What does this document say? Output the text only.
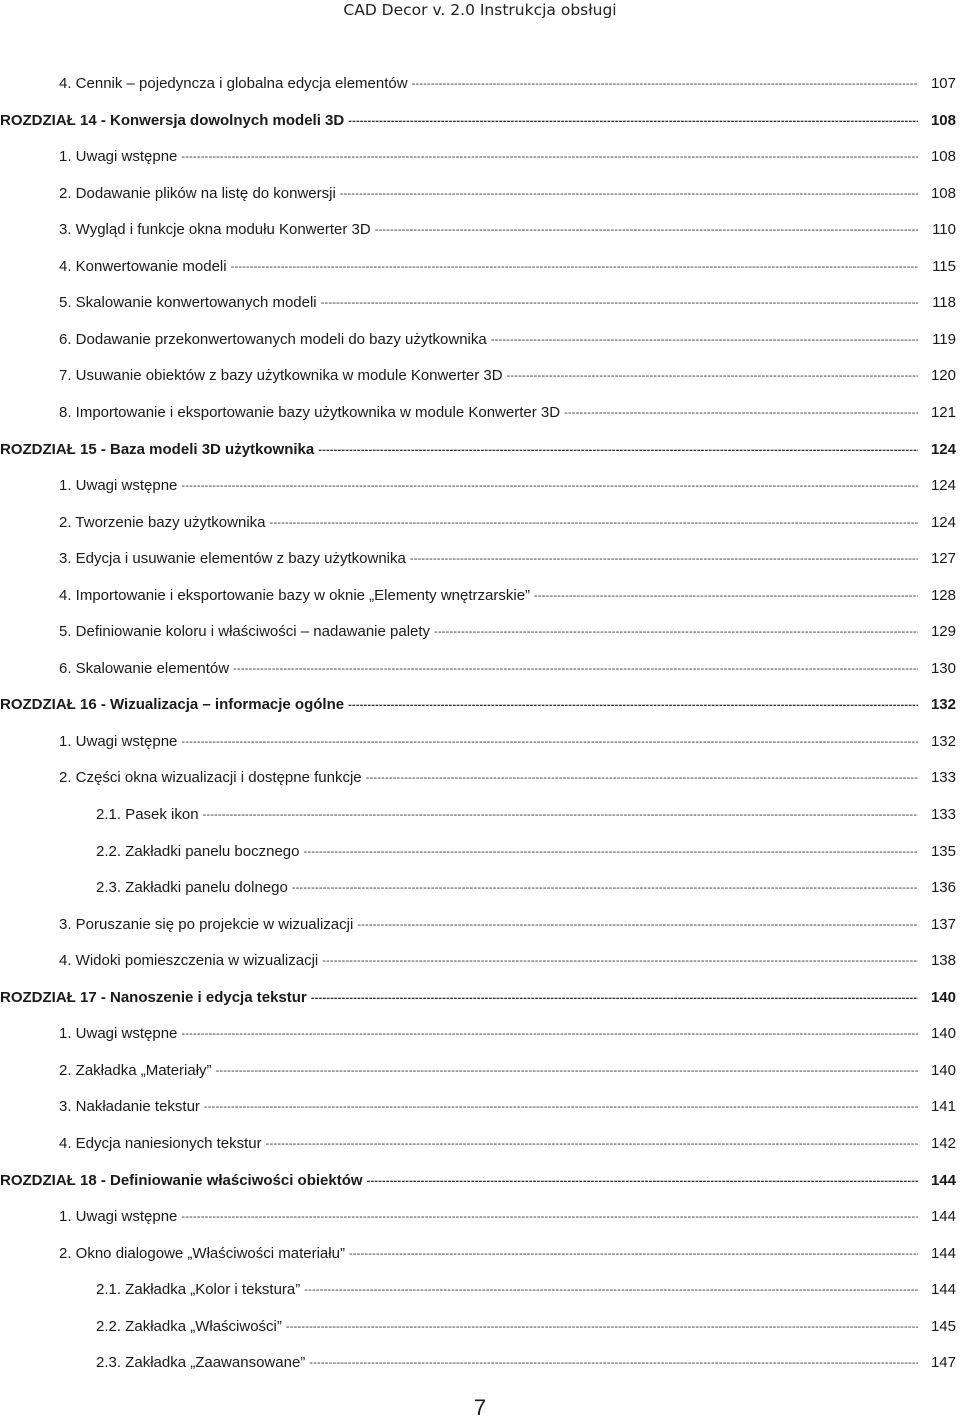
CAD Decor v. 2.0 Instrukcja obsługi
4. Cennik – pojedyncza i globalna edycja elementów -----	107
ROZDZIAŁ 14 - Konwersja dowolnych modeli 3D -----	108
1. Uwagi wstępne -----	108
2. Dodawanie plików na listę do konwersji -----	108
3. Wygląd i funkcje okna modułu Konwerter 3D -----	110
4. Konwertowanie modeli -----	115
5. Skalowanie konwertowanych modeli -----	118
6. Dodawanie przekonwertowanych modeli do bazy użytkownika -----	119
7. Usuwanie obiektów z bazy użytkownika w module Konwerter 3D -----	120
8. Importowanie i eksportowanie bazy użytkownika w module Konwerter 3D -----	121
ROZDZIAŁ 15 - Baza modeli 3D użytkownika -----	124
1. Uwagi wstępne -----	124
2. Tworzenie bazy użytkownika -----	124
3. Edycja i usuwanie elementów z bazy użytkownika -----	127
4. Importowanie i eksportowanie bazy w oknie „Elementy wnętrzarskie” -----	128
5. Definiowanie koloru i właściwości – nadawanie palety -----	129
6. Skalowanie elementów -----	130
ROZDZIAŁ 16 - Wizualizacja – informacje ogólne -----	132
1. Uwagi wstępne -----	132
2. Części okna wizualizacji i dostępne funkcje -----	133
2.1. Pasek ikon -----	133
2.2. Zakładki panelu bocznego -----	135
2.3. Zakładki panelu dolnego -----	136
3. Poruszanie się po projekcie w wizualizacji -----	137
4. Widoki pomieszczenia w wizualizacji -----	138
ROZDZIAŁ 17 - Nanoszenie i edycja tekstur -----	140
1. Uwagi wstępne -----	140
2. Zakładka „Materiały” -----	140
3. Nakładanie tekstur -----	141
4. Edycja naniesionych tekstur -----	142
ROZDZIAŁ 18 - Definiowanie właściwości obiektów -----	144
1. Uwagi wstępne -----	144
2. Okno dialogowe „Właściwości materiału” -----	144
2.1. Zakładka „Kolor i tekstura” -----	144
2.2. Zakładka „Właściwości” -----	145
2.3. Zakładka „Zaawansowane” -----	147
7
